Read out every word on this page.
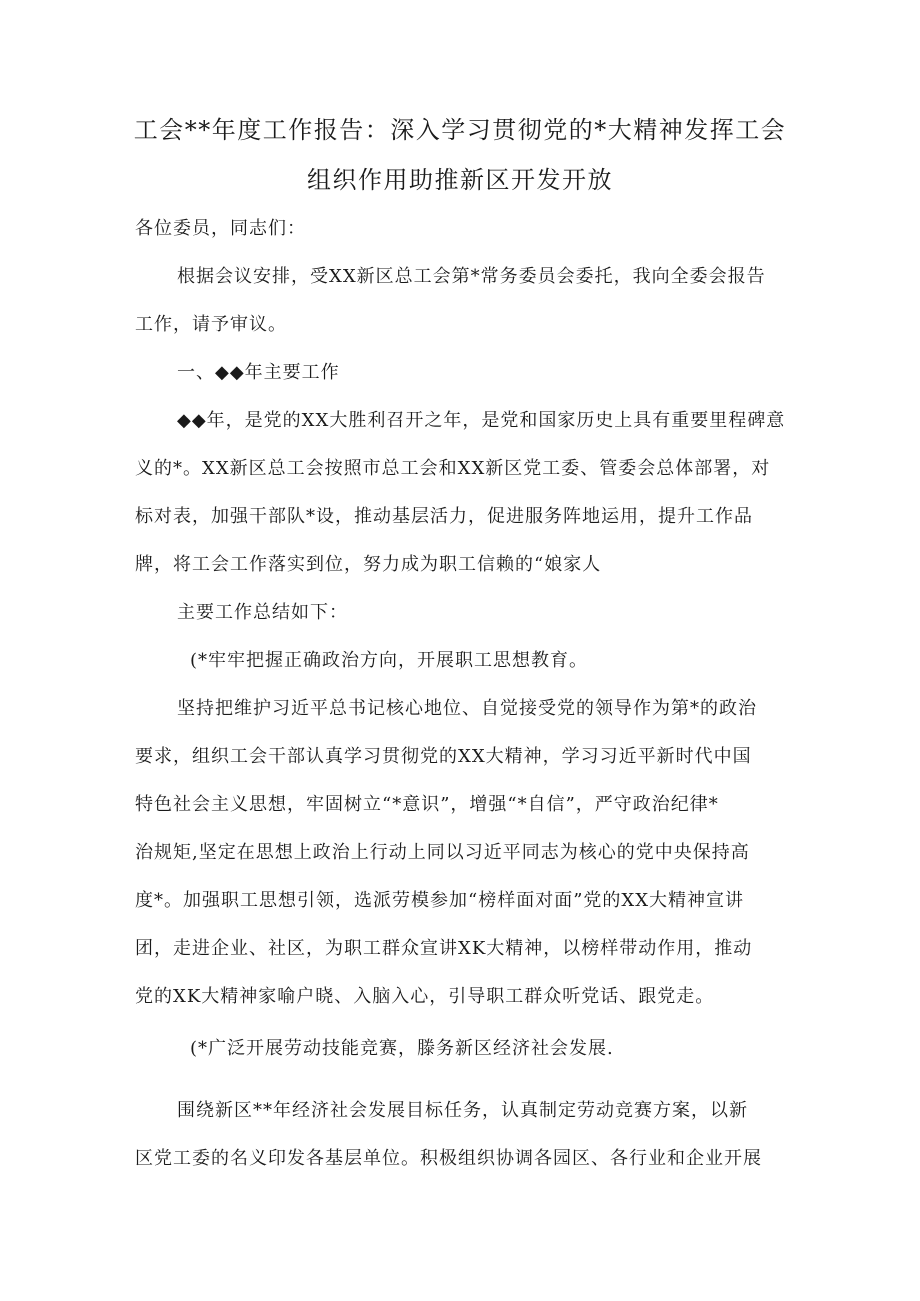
工会**年度工作报告：深入学习贯彻党的*大精神发挥工会
组织作用助推新区开发开放
各位委员，同志们：
根据会议安排，受XX新区总工会第*常务委员会委托，我向全委会报告
工作，请予审议。
一、◆◆年主要工作
◆◆年，是党的XX大胜利召开之年，是党和国家历史上具有重要里程碑意
义的*。XX新区总工会按照市总工会和XX新区党工委、管委会总体部署，对
标对表，加强干部队*设，推动基层活力，促进服务阵地运用，提升工作品
牌，将工会工作落实到位，努力成为职工信赖的“娘家人
主要工作总结如下：
(*牢牢把握正确政治方向，开展职工思想教育。
坚持把维护习近平总书记核心地位、自觉接受党的领导作为第*的政治
要求，组织工会干部认真学习贯彻党的XX大精神，学习习近平新时代中国
特色社会主义思想，牢固树立“*意识”，增强“*自信”，严守政治纪律*
治规矩,坚定在思想上政治上行动上同以习近平同志为核心的党中央保持高
度*。加强职工思想引领，选派劳模参加“榜样面对面”党的XX大精神宣讲
团，走进企业、社区，为职工群众宣讲XK大精神，以榜样带动作用，推动
党的XK大精神家喻户晓、入脑入心，引导职工群众听党话、跟党走。
(*广泛开展劳动技能竞赛，滕务新区经济社会发展.
围绕新区**年经济社会发展目标任务，认真制定劳动竞赛方案，以新
区党工委的名义印发各基层单位。积极组织协调各园区、各行业和企业开展
